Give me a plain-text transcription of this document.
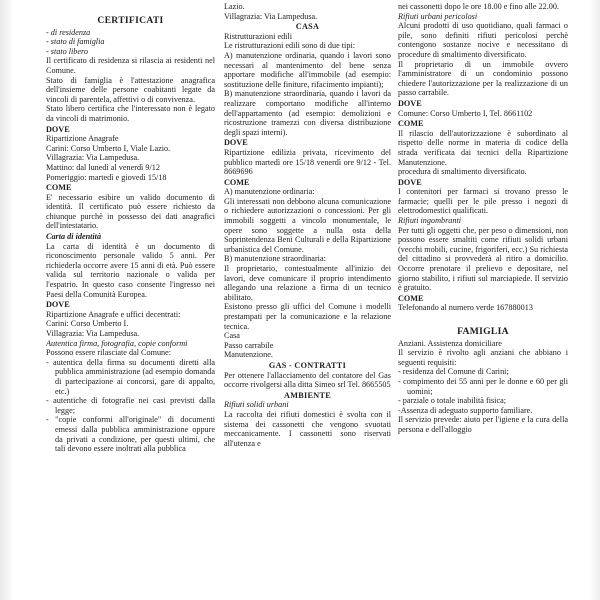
CERTIFICATI

- di residenza

- stato di famiglia

- stato libero

Il certificato di residenza si rilascia ai residenti nel Comune.

Stato di famiglia è l'attestazione anagrafica dell'insieme delle persone coabitanti legate da vincoli di parentela, affettivi o di convivenza.

Stato libero certifica che l'interessato non è legato da vincoli di matrimonio.

DOVE

Ripartizione Anagrafe

Carini: Corso Umberto I, Viale Lazio.

Villagrazia: Via Lampedusa.

Mattino: dal lunedì al venerdì 9/12

Pomeriggio: martedì e giovedì 15/18

COME

E' necessario esibire un valido documento di identità. Il certificato può essere richiesto da chiunque purchè in possesso dei dati anagrafici dell'intestatario.

Carta di identità

La carta di identità è un documento di riconoscimento personale valido 5 anni. Per richiederla occorre avere 15 anni di età. Può essere valida sul territorio nazionale o valida per l'espatrio. In questo caso consente l'ingresso nei Paesi della Comunità Europea.

DOVE

Ripartizione Anagrafe e uffici decentrati:

Carini: Corso Umberto I.

Villagrazia: Via Lampedusa.

Autentica firma, fotografia, copie conformi

Possono essere rilasciate dal Comune:

- autentica della firma su documenti diretti alla pubblica amministrazione (ad esempio domanda di partecipazione ai concorsi, gare di appalto, etc.)

- autentiche di fotografie nei casi previsti dalla legge;

- "copie conformi all'originale" di documenti emessi dalla pubblica amministrazione oppure da privati a condizione, per questi ultimi, che tali devono essere inoltrati alla pubblica

Lazio.

Villagrazia: Via Lampedusa.

CASA

Ristrutturazioni edili

Le ristrutturazioni edili sono di due tipi:

A) manutenzione ordinaria, quando i lavori sono necessari al mantenimento del bene senza apportare modifiche all'immobile (ad esempio: sostituzione delle finiture, rifacimento impianti);

B) manutenzione straordinaria, quando i lavori da realizzare comportano modifiche all'interno dell'appartamento (ad esempio: demolizioni e ricostruzione tramezzi con diversa distribuzione degli spazi interni).

DOVE

Ripartizione edilizia privata, ricevimento del pubblico martedì ore 15/18 venerdì ore 9/12 - Tel. 8669696

COME

A) manutenzione ordinaria:

Gli interessati non debbono alcuna comunicazione o richiedere autorizzazioni o concessioni. Per gli immobili soggetti a vincolo monumentale, le opere sono soggette a nulla osta della Soprintendenza Beni Culturali e della Ripartizione urbanistica del Comune.

B) manutenzione straordinaria:

Il proprietario, contestualmente all'inizio dei lavori, deve comunicare il proprio intendimento allegando una relazione a firma di un tecnico abilitato.

Esistono presso gli uffici del Comune i modelli prestampati per la comunicazione e la relazione tecnica.

Casa

Passo carrabile

Manutenzione.

GAS - CONTRATTI

Per ottenere l'allacciamento del contatore del Gas occorre rivolgersi alla ditta Simeo srl Tel. 8665505

AMBIENTE

Rifiuti solidi urbani

La raccolta dei rifiuti domestici è svolta con il sistema dei cassonetti che vengono svuotati meccanicamente. I cassonetti sono riservati all'utenza e

nei cassonetti dopo le ore 18.00 e fino alle 22.00.

Rifiuti urbani pericolosi

Alcuni prodotti di uso quotidiano, quali farmaci o pile, sono definiti rifiuti pericolosi perchè contengono sostanze nocive e necessitano di procedure di smaltimento diversificato.

Il proprietario di un immobile ovvero l'amministratore di un condominio possono chiedere l'autorizzazione per la realizzazione di un passo carrabile.

DOVE

Comune: Corso Umberto I, Tel. 8661102

COME

Il rilascio dell'autorizzazione è subordinato al rispetto delle norme in materia di codice della strada verificata dai tecnici della Ripartizione Manutenzione.

procedura di smaltimento diversificato.

DOVE

I contenitori per farmaci si trovano presso le farmacie; quelli per le pile presso i negozi di elettrodomestici qualificati.

Rifiuti ingombranti

Per tutti gli oggetti che, per peso o dimensioni, non possono essere smaltiti come rifiuti solidi urbani (vecchi mobili, cucine, frigoriferi, ecc.) Su richiesta del cittadino si provvederà al ritiro a domicilio. Occorre prenotare il prelievo e depositare, nel giorno stabilito, i rifiuti sul marciapiede. Il servizio è gratuito.

COME

Telefonando al numero verde 167880013

FAMIGLIA

Anziani. Assistenza domiciliare

Il servizio è rivolto agli anziani che abbiano i seguenti requisiti:

- residenza del Comune di Carini;

- compimento dei 55 anni per le donne e 60 per gli uomini;

- parziale o totale inabilità fisica;

-Assenza di adeguato supporto familiare.

Il servizio prevede: aiuto per l'igiene e la cura della persona e dell'alloggio
